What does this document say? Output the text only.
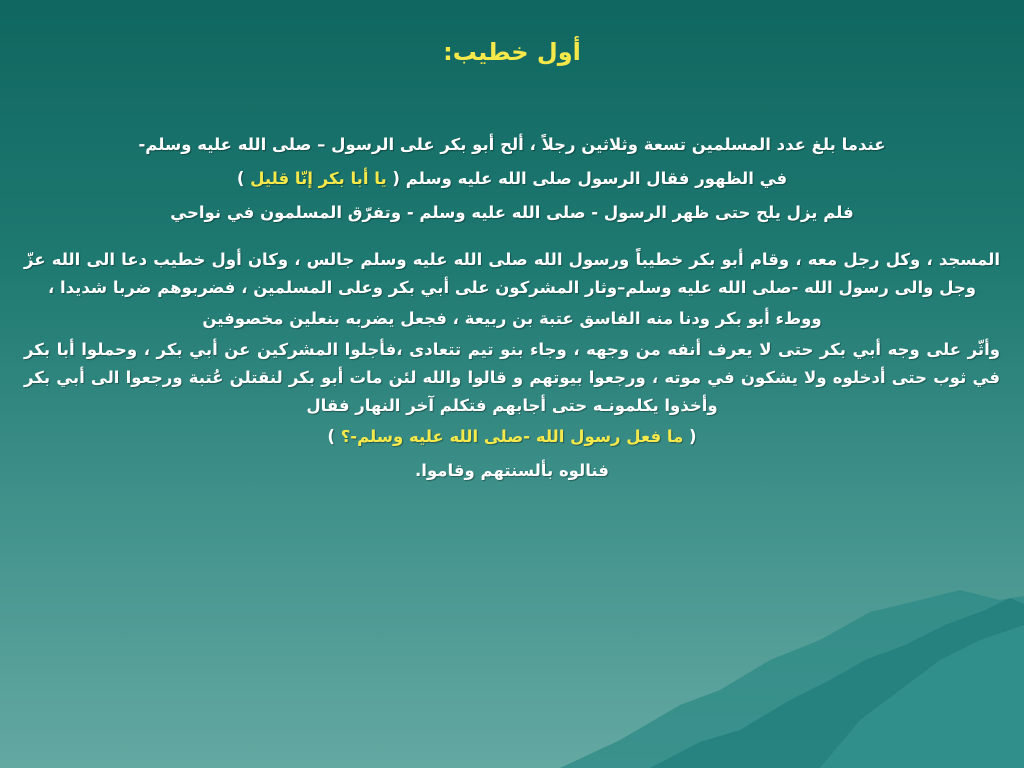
أول خطيب:

عندما بلغ عدد المسلمين تسعة وثلاثين رجلاً ، ألح أبو بكر على الرسول – صلى الله عليه وسلم-

في الظهور فقال الرسول صلى الله عليه وسلم ( يا أبا بكر إنّا قليل )

فلم يزل يلح حتى ظهر الرسول - صلى الله عليه وسلم - وتفرّق المسلمون في نواحي

المسجد ، وكل رجل معه ، وقام أبو بكر خطيباً ورسول الله صلى الله عليه وسلم جالس ، وكان أول خطيب دعا الى الله عزّ وجل والى رسول الله -صلى الله عليه وسلم–وثار المشركون على أبي بكر وعلى المسلمين ، فضربوهم ضربا شديدا ،

ووطء أبو بكر ودنا منه الفاسق عتبة بن ربيعة ، فجعل يضربه بنعلين مخصوفين

وأثّر على وجه أبي بكر حتى لا يعرف أنفه من وجهه ، وجاء بنو تيم تتعادى ،فأجلوا المشركين عن أبي بكر ، وحملوا أبا بكر في ثوب حتى أدخلوه ولا يشكون في موته ، ورجعوا بيوتهم و قالوا والله لئن مات أبو بكر لنقتلن عُتبة ورجعوا الى أبي بكر وأخذوا يكلمونـه حتى أجابهم فتكلم آخر النهار فقال

( ما فعل رسول الله -صلى الله عليه وسلم-؟ )

فنالوه بألسنتهم وقاموا.
